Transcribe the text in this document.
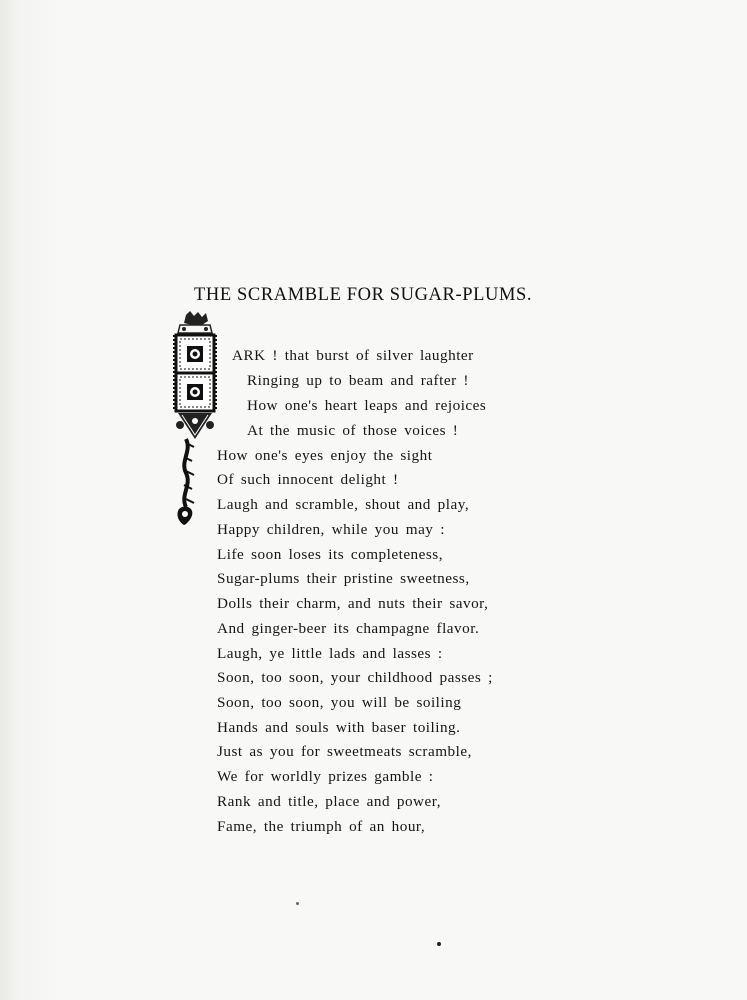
THE SCRAMBLE FOR SUGAR-PLUMS.
ARK ! that burst of silver laughter
Ringing up to beam and rafter !
How one's heart leaps and rejoices
At the music of those voices !
How one's eyes enjoy the sight
Of such innocent delight !
Laugh and scramble, shout and play,
Happy children, while you may :
Life soon loses its completeness,
Sugar-plums their pristine sweetness,
Dolls their charm, and nuts their savor,
And ginger-beer its champagne flavor.
Laugh, ye little lads and lasses :
Soon, too soon, your childhood passes ;
Soon, too soon, you will be soiling
Hands and souls with baser toiling.
Just as you for sweetmeats scramble,
We for worldly prizes gamble :
Rank and title, place and power,
Fame, the triumph of an hour,
